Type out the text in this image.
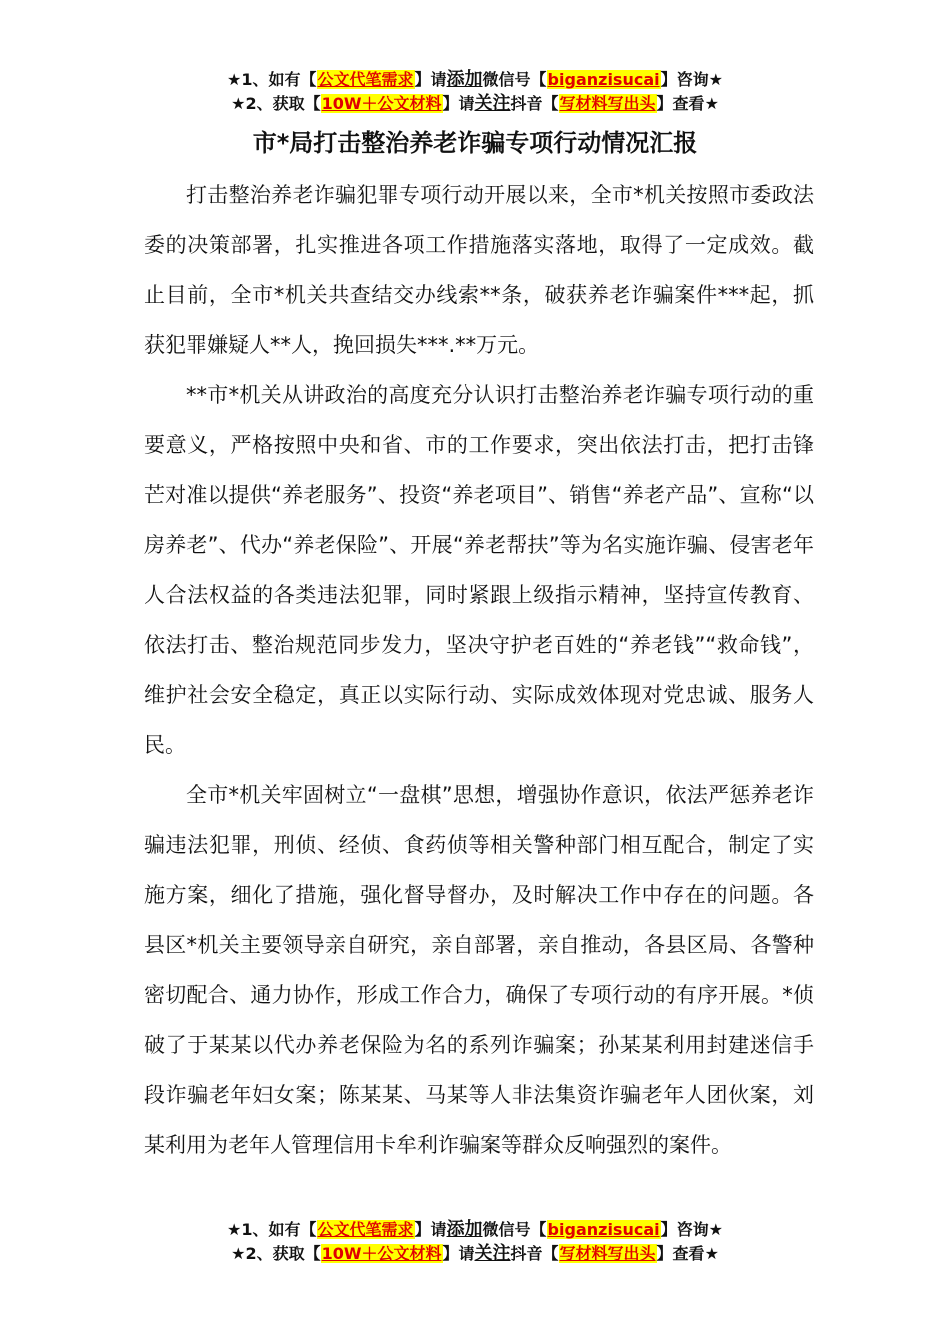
★1、如有【公文代笔需求】请添加微信号【biganzisucai】咨询★
★2、获取【10W＋公文材料】请关注抖音【写材料写出头】查看★
市*局打击整治养老诈骗专项行动情况汇报

打击整治养老诈骗犯罪专项行动开展以来，全市*机关按照市委政法委的决策部署，扎实推进各项工作措施落实落地，取得了一定成效。截止目前，全市*机关共查结交办线索**条，破获养老诈骗案件***起，抓获犯罪嫌疑人**人，挽回损失***.**万元。

**市*机关从讲政治的高度充分认识打击整治养老诈骗专项行动的重要意义，严格按照中央和省、市的工作要求，突出依法打击，把打击锋芒对准以提供“养老服务”、投资“养老项目”、销售“养老产品”、宣称“以房养老”、代办“养老保险”、开展“养老帮扶”等为名实施诈骗、侵害老年人合法权益的各类违法犯罪，同时紧跟上级指示精神，坚持宣传教育、依法打击、整治规范同步发力，坚决守护老百姓的“养老钱”“救命钱”，维护社会安全稳定，真正以实际行动、实际成效体现对党忠诚、服务人民。

全市*机关牢固树立“一盘棋”思想，增强协作意识，依法严惩养老诈骗违法犯罪，刑侦、经侦、食药侦等相关警种部门相互配合，制定了实施方案，细化了措施，强化督导督办，及时解决工作中存在的问题。各县区*机关主要领导亲自研究，亲自部署，亲自推动，各县区局、各警种密切配合、通力协作，形成工作合力，确保了专项行动的有序开展。*侦破了于某某以代办养老保险为名的系列诈骗案；孙某某利用封建迷信手段诈骗老年妇女案；陈某某、马某等人非法集资诈骗老年人团伙案，刘某利用为老年人管理信用卡牟利诈骗案等群众反响强烈的案件。

★1、如有【公文代笔需求】请添加微信号【biganzisucai】咨询★
★2、获取【10W＋公文材料】请关注抖音【写材料写出头】查看★
